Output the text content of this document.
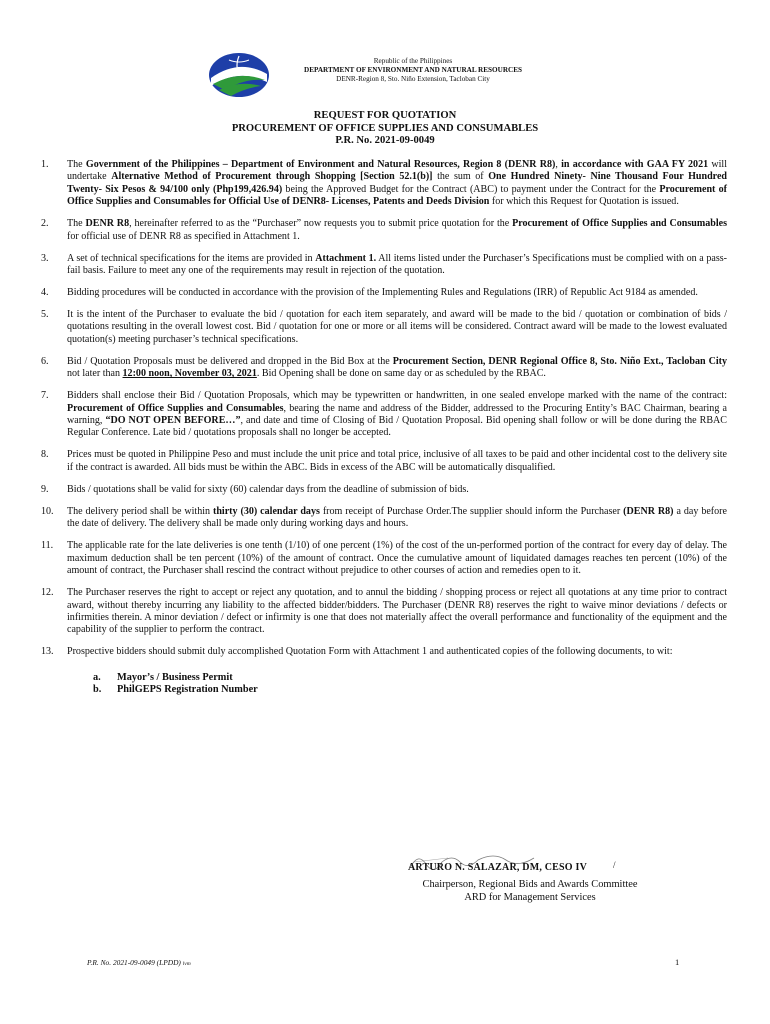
Republic of the Philippines
DEPARTMENT OF ENVIRONMENT AND NATURAL RESOURCES
DENR-Region 8, Sto. Niño Extension, Tacloban City
REQUEST FOR QUOTATION
PROCUREMENT OF OFFICE SUPPLIES AND CONSUMABLES
P.R. No. 2021-09-0049
1.	The Government of the Philippines – Department of Environment and Natural Resources, Region 8 (DENR R8), in accordance with GAA FY 2021 will undertake Alternative Method of Procurement through Shopping [Section 52.1(b)] the sum of One Hundred Ninety- Nine Thousand Four Hundred Twenty- Six Pesos & 94/100 only (Php199,426.94) being the Approved Budget for the Contract (ABC) to payment under the Contract for the Procurement of Office Supplies and Consumables for Official Use of DENR8- Licenses, Patents and Deeds Division for which this Request for Quotation is issued.
2.	The DENR R8, hereinafter referred to as the “Purchaser” now requests you to submit price quotation for the Procurement of Office Supplies and Consumables for official use of DENR R8 as specified in Attachment 1.
3.	A set of technical specifications for the items are provided in Attachment 1. All items listed under the Purchaser’s Specifications must be complied with on a pass-fail basis. Failure to meet any one of the requirements may result in rejection of the quotation.
4.	Bidding procedures will be conducted in accordance with the provision of the Implementing Rules and Regulations (IRR) of Republic Act 9184 as amended.
5.	It is the intent of the Purchaser to evaluate the bid / quotation for each item separately, and award will be made to the bid / quotation or combination of bids / quotations resulting in the overall lowest cost. Bid / quotation for one or more or all items will be considered. Contract award will be made to the lowest evaluated quotation(s) meeting purchaser’s technical specifications.
6.	Bid / Quotation Proposals must be delivered and dropped in the Bid Box at the Procurement Section, DENR Regional Office 8, Sto. Niño Ext., Tacloban City not later than 12:00 noon, November 03, 2021. Bid Opening shall be done on same day or as scheduled by the RBAC.
7.	Bidders shall enclose their Bid / Quotation Proposals, which may be typewritten or handwritten, in one sealed envelope marked with the name of the contract: Procurement of Office Supplies and Consumables, bearing the name and address of the Bidder, addressed to the Procuring Entity’s BAC Chairman, bearing a warning, “DO NOT OPEN BEFORE…”, and date and time of Closing of Bid / Quotation Proposal. Bid opening shall follow or will be done during the RBAC Regular Conference. Late bid / quotations proposals shall no longer be accepted.
8.	Prices must be quoted in Philippine Peso and must include the unit price and total price, inclusive of all taxes to be paid and other incidental cost to the delivery site if the contract is awarded. All bids must be within the ABC. Bids in excess of the ABC will be automatically disqualified.
9.	Bids / quotations shall be valid for sixty (60) calendar days from the deadline of submission of bids.
10.	The delivery period shall be within thirty (30) calendar days from receipt of Purchase Order.The supplier should inform the Purchaser (DENR R8) a day before the date of delivery. The delivery shall be made only during working days and hours.
11.	The applicable rate for the late deliveries is one tenth (1/10) of one percent (1%) of the cost of the un-performed portion of the contract for every day of delay. The maximum deduction shall be ten percent (10%) of the amount of contract. Once the cumulative amount of liquidated damages reaches ten percent (10%) of the amount of contract, the Purchaser shall rescind the contract without prejudice to other courses of action and remedies open to it.
12.	The Purchaser reserves the right to accept or reject any quotation, and to annul the bidding / shopping process or reject all quotations at any time prior to contract award, without thereby incurring any liability to the affected bidder/bidders. The Purchaser (DENR R8) reserves the right to waive minor deviations / defects or infirmities therein. A minor deviation / defect or infirmity is one that does not materially affect the overall performance and functionality of the equipment and the capability of the supplier to perform the contract.
13.	Prospective bidders should submit duly accomplished Quotation Form with Attachment 1 and authenticated copies of the following documents, to wit:
a.	Mayor’s / Business Permit
b.	PhilGEPS Registration Number
ARTURO N. SALAZAR, DM, CESO IV	/
Chairperson, Regional Bids and Awards Committee
ARD for Management Services
P.R. No. 2021-09-0049 (LPDD) lvm	1
